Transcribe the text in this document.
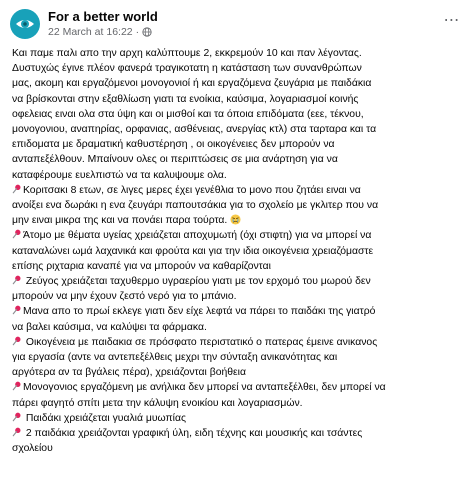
For a better world
22 March at 16:22 ·
⋯
Και παμε παλι απο την αρχη καλύπτουμε 2, εκκρεμούν 10 και παν λέγοντας.
Δυστυχώς έγινε πλέον φανερά τραγικοτατη η κατάσταση των συνανθρώπων
μας, ακομη και εργαζόμενοι μονογονιοί ή και εργαζόμενα ζευγάρια με παιδάκια
να βρίσκονται στην εξαθλίωση γιατι τα ενοίκια, καύσιμα, λογαριασμοί κοινής
οφελειας ειναι ολα στα ύψη και οι μισθοί και τα όποια επιδόματα (εεε, τέκνου,
μονογονιου, αναπηρίας, ορφανιας, ασθένειας, ανεργίας κτλ) στα ταρταρα και τα
επιδοματα με δραματική καθυστέρηση , οι οικογένειες δεν μπορούν να
ανταπεξέλθουν. Μπαίνουν ολες οι περιπτώσεις σε μια ανάρτηση για να
καταφέρουμε ευελπιστώ να τα καλυψουμε ολα.
Κοριτσακι 8 ετων, σε λιγες μερες έχει γενέθλια το μονο που ζητάει ειναι να
ανοίξει ενα δωράκι η ενα ζευγάρι παπουτσάκια για το σχολείο με γκλιτερ που να
μην ειναι μικρα της και να πονάει παρα τούρτα.
Άτομο με θέματα υγείας χρειάζεται αποχυμωτή (όχι στιφτη) για να μπορεί να
καταναλώνει ωμά λαχανικά και φρούτα και για την ιδια οικογένεια χρειαζόμαστε
επίσης ριχταρια καναπέ για να μπορούν να καθαρίζονται
Ζεύγος χρειάζεται ταχυθερμο υγραερίου γιατι με τον ερχομό του μωρού δεν
μπορούν να μην έχουν ζεστό νερό για το μπάνιο.
Μανα απο το πρωί εκλεγε γιατι δεν είχε λεφτά να πάρει το παιδάκι της γιατρό
να βαλει καύσιμα, να καλύψει τα φάρμακα.
Οικογένεια με παιδακια σε πρόσφατο περιστατικό ο πατερας έμεινε ανικανος
για εργασία (αντε να αντεπεξέλθεις μεχρι την σύνταξη ανικανότητας και
αργότερα αν τα βγάλεις πέρα), χρειάζονται βοήθεια
Μονογονιος εργαζόμενη με ανήλικα δεν μπορεί να ανταπεξέλθει, δεν μπορεί να
πάρει φαγητό σπίτι μετα την κάλυψη ενοικίου και λογαριασμών.
Παιδάκι χρειάζεται γυαλιά μυωπίας
2 παιδάκια χρειάζονται γραφική ύλη, ειδη τέχνης και μουσικής και τσάντες
σχολείου
